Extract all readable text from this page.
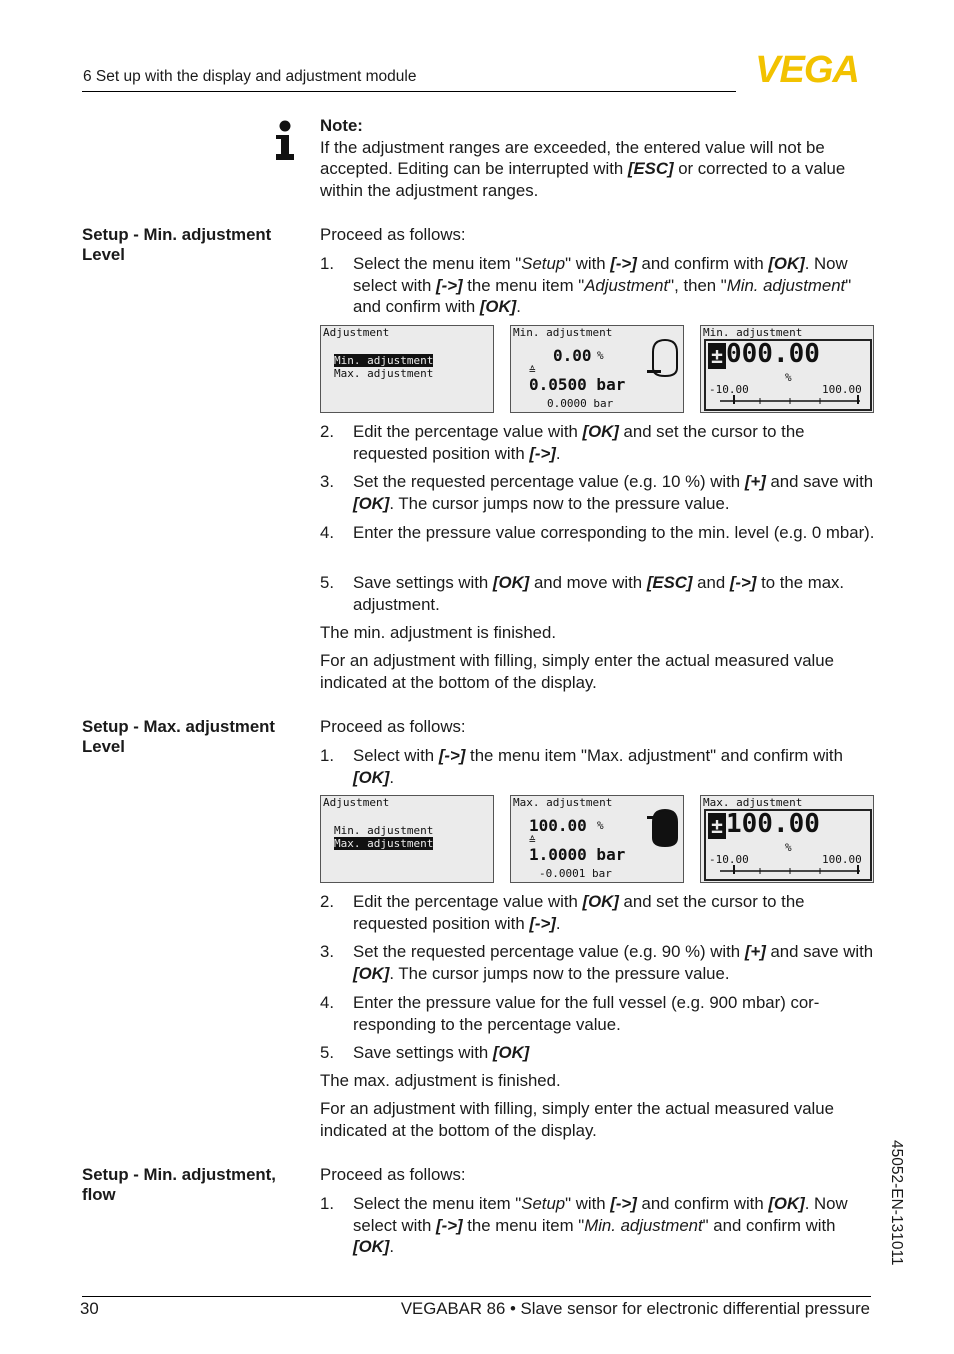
6 Set up with the display and adjustment module	VEGA
Note:
If the adjustment ranges are exceeded, the entered value will not be accepted. Editing can be interrupted with [ESC] or corrected to a value within the adjustment ranges.
Setup - Min. adjustment Level
Proceed as follows:
1. Select the menu item "Setup" with [->] and confirm with [OK]. Now select with [->] the menu item "Adjustment", then "Min. adjustment" and confirm with [OK].
Adjustment
Min. adjustment
Max. adjustment
Min. adjustment
0.00 %
≙
0.0500 bar
0.0000 bar
Min. adjustment
± 000.00
%
-10.00	100.00
2. Edit the percentage value with [OK] and set the cursor to the requested position with [->].
3. Set the requested percentage value (e.g. 10 %) with [+] and save with [OK]. The cursor jumps now to the pressure value.
4. Enter the pressure value corresponding to the min. level (e.g. 0 mbar).
5. Save settings with [OK] and move with [ESC] and [->] to the max. adjustment.
The min. adjustment is finished.
For an adjustment with filling, simply enter the actual measured value indicated at the bottom of the display.
Setup - Max. adjustment Level
Proceed as follows:
1. Select with [->] the menu item "Max. adjustment" and confirm with [OK].
Adjustment
Min. adjustment
Max. adjustment
Max. adjustment
100.00 %
≙
1.0000 bar
-0.0001 bar
Max. adjustment
± 100.00
%
-10.00	100.00
2. Edit the percentage value with [OK] and set the cursor to the requested position with [->].
3. Set the requested percentage value (e.g. 90 %) with [+] and save with [OK]. The cursor jumps now to the pressure value.
4. Enter the pressure value for the full vessel (e.g. 900 mbar) cor-responding to the percentage value.
5. Save settings with [OK]
The max. adjustment is finished.
For an adjustment with filling, simply enter the actual measured value indicated at the bottom of the display.
Setup - Min. adjustment, flow
Proceed as follows:
1. Select the menu item "Setup" with [->] and confirm with [OK]. Now select with [->] the menu item "Min. adjustment" and confirm with [OK].	45052-EN-131011
30	VEGABAR 86 • Slave sensor for electronic differential pressure
